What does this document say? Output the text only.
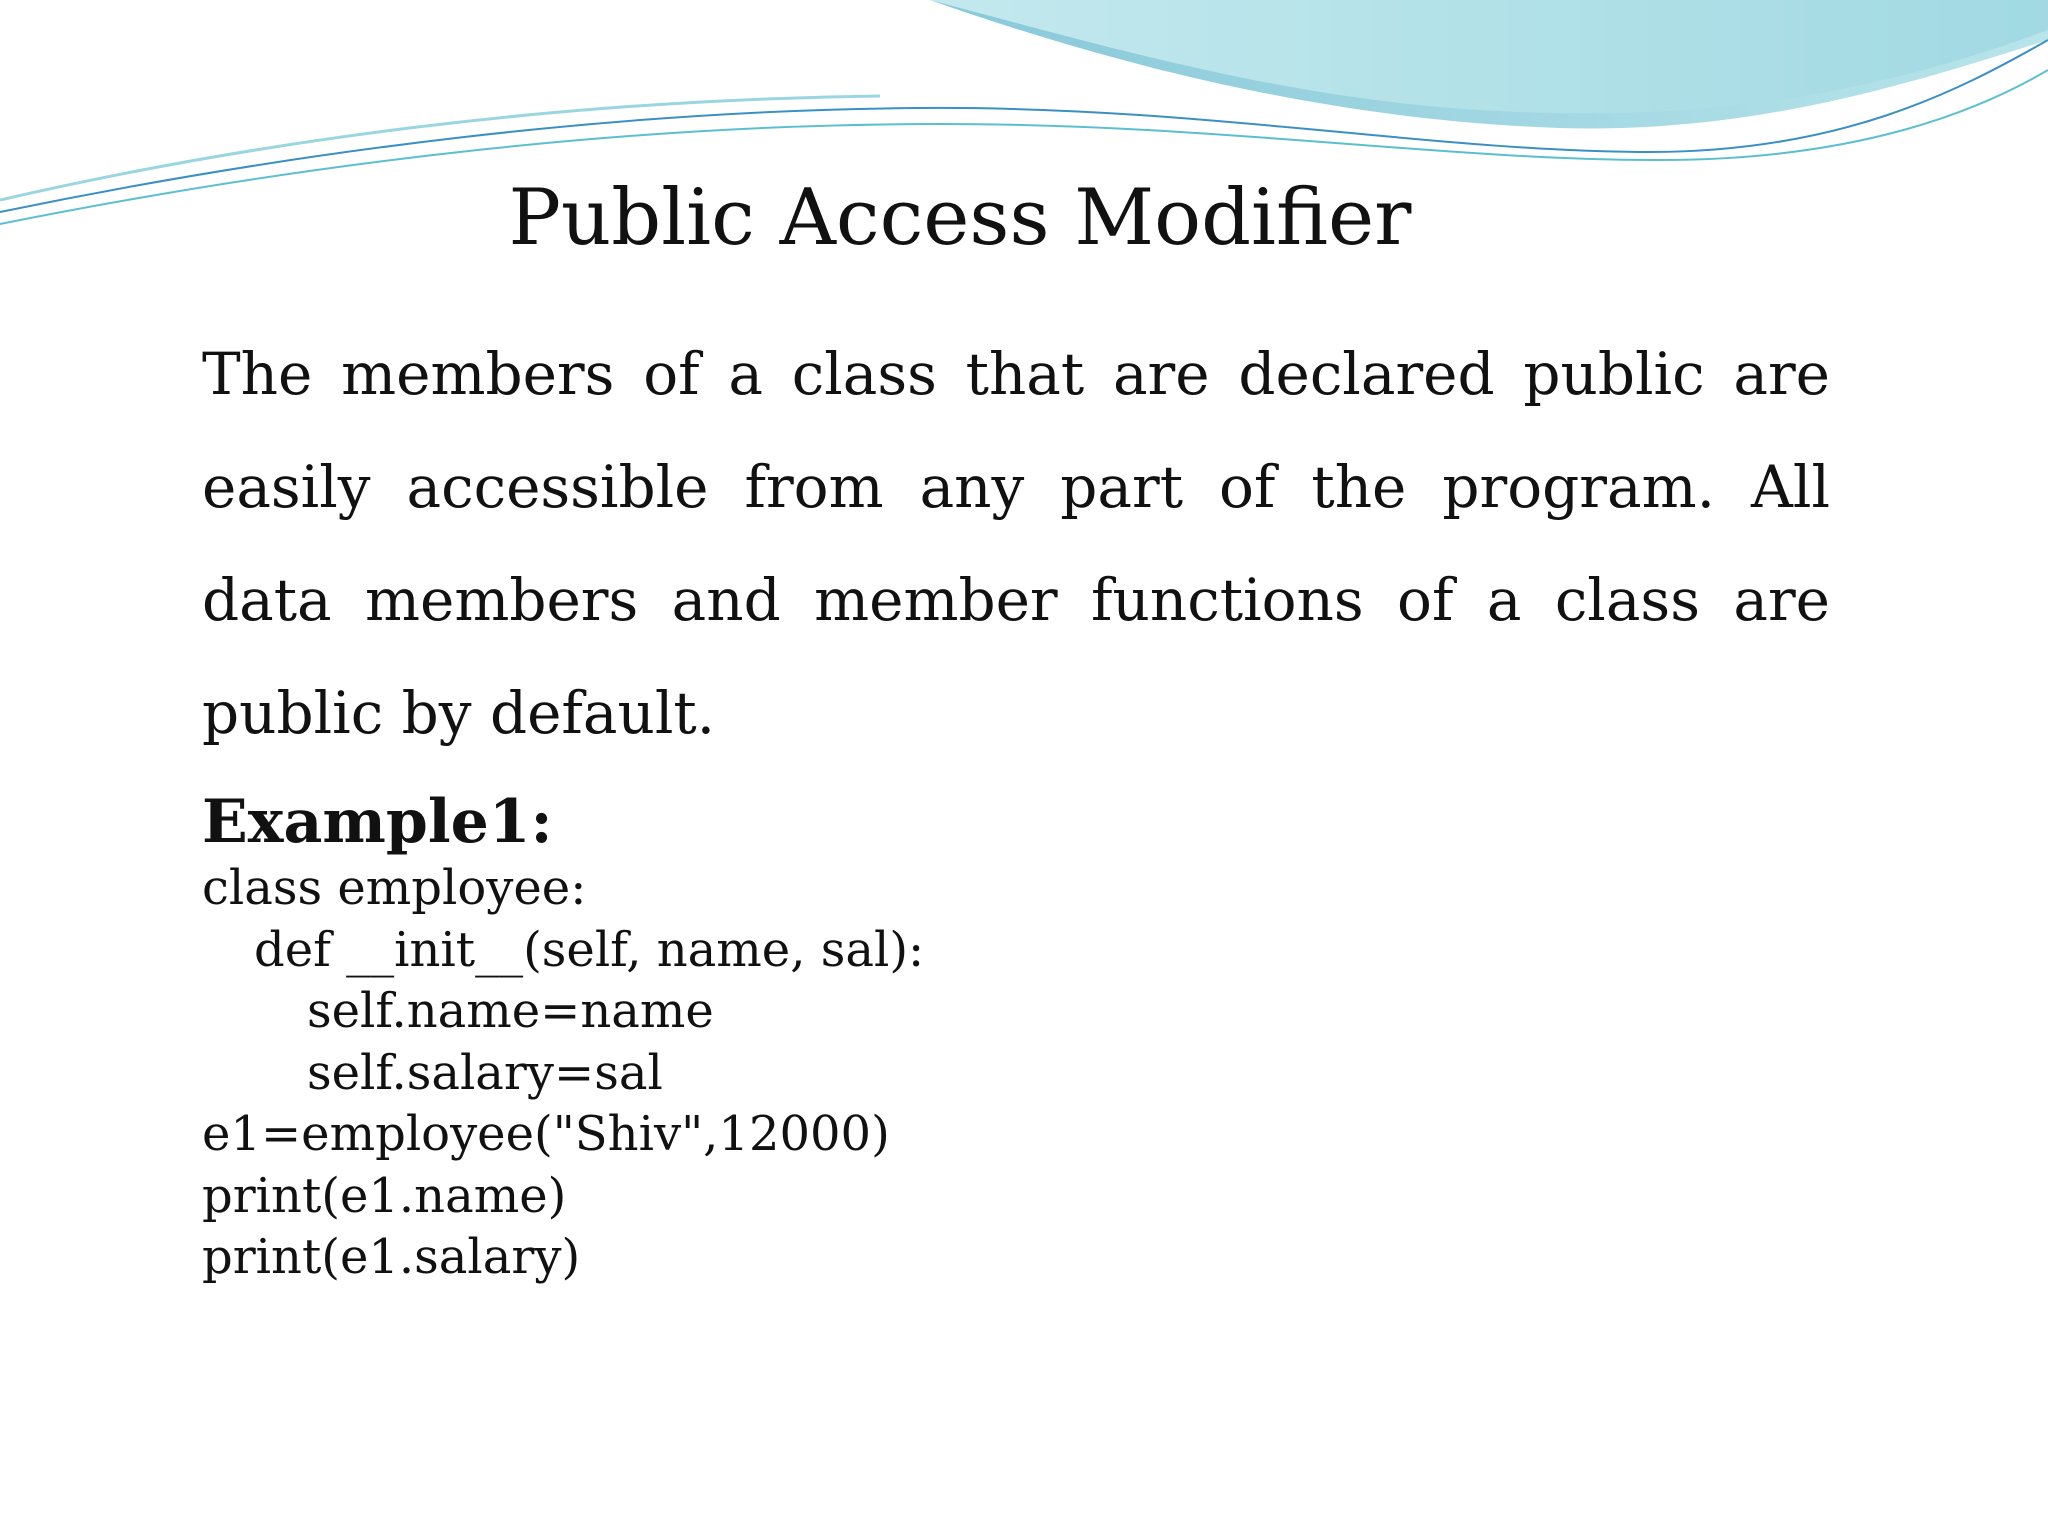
Public Access Modifier

The members of a class that are declared public are easily accessible from any part of the program. All data members and member functions of a class are public by default.

Example1:
class employee:
def __init__(self, name, sal):
self.name=name
self.salary=sal
e1=employee("Shiv",12000)
print(e1.name)
print(e1.salary)
